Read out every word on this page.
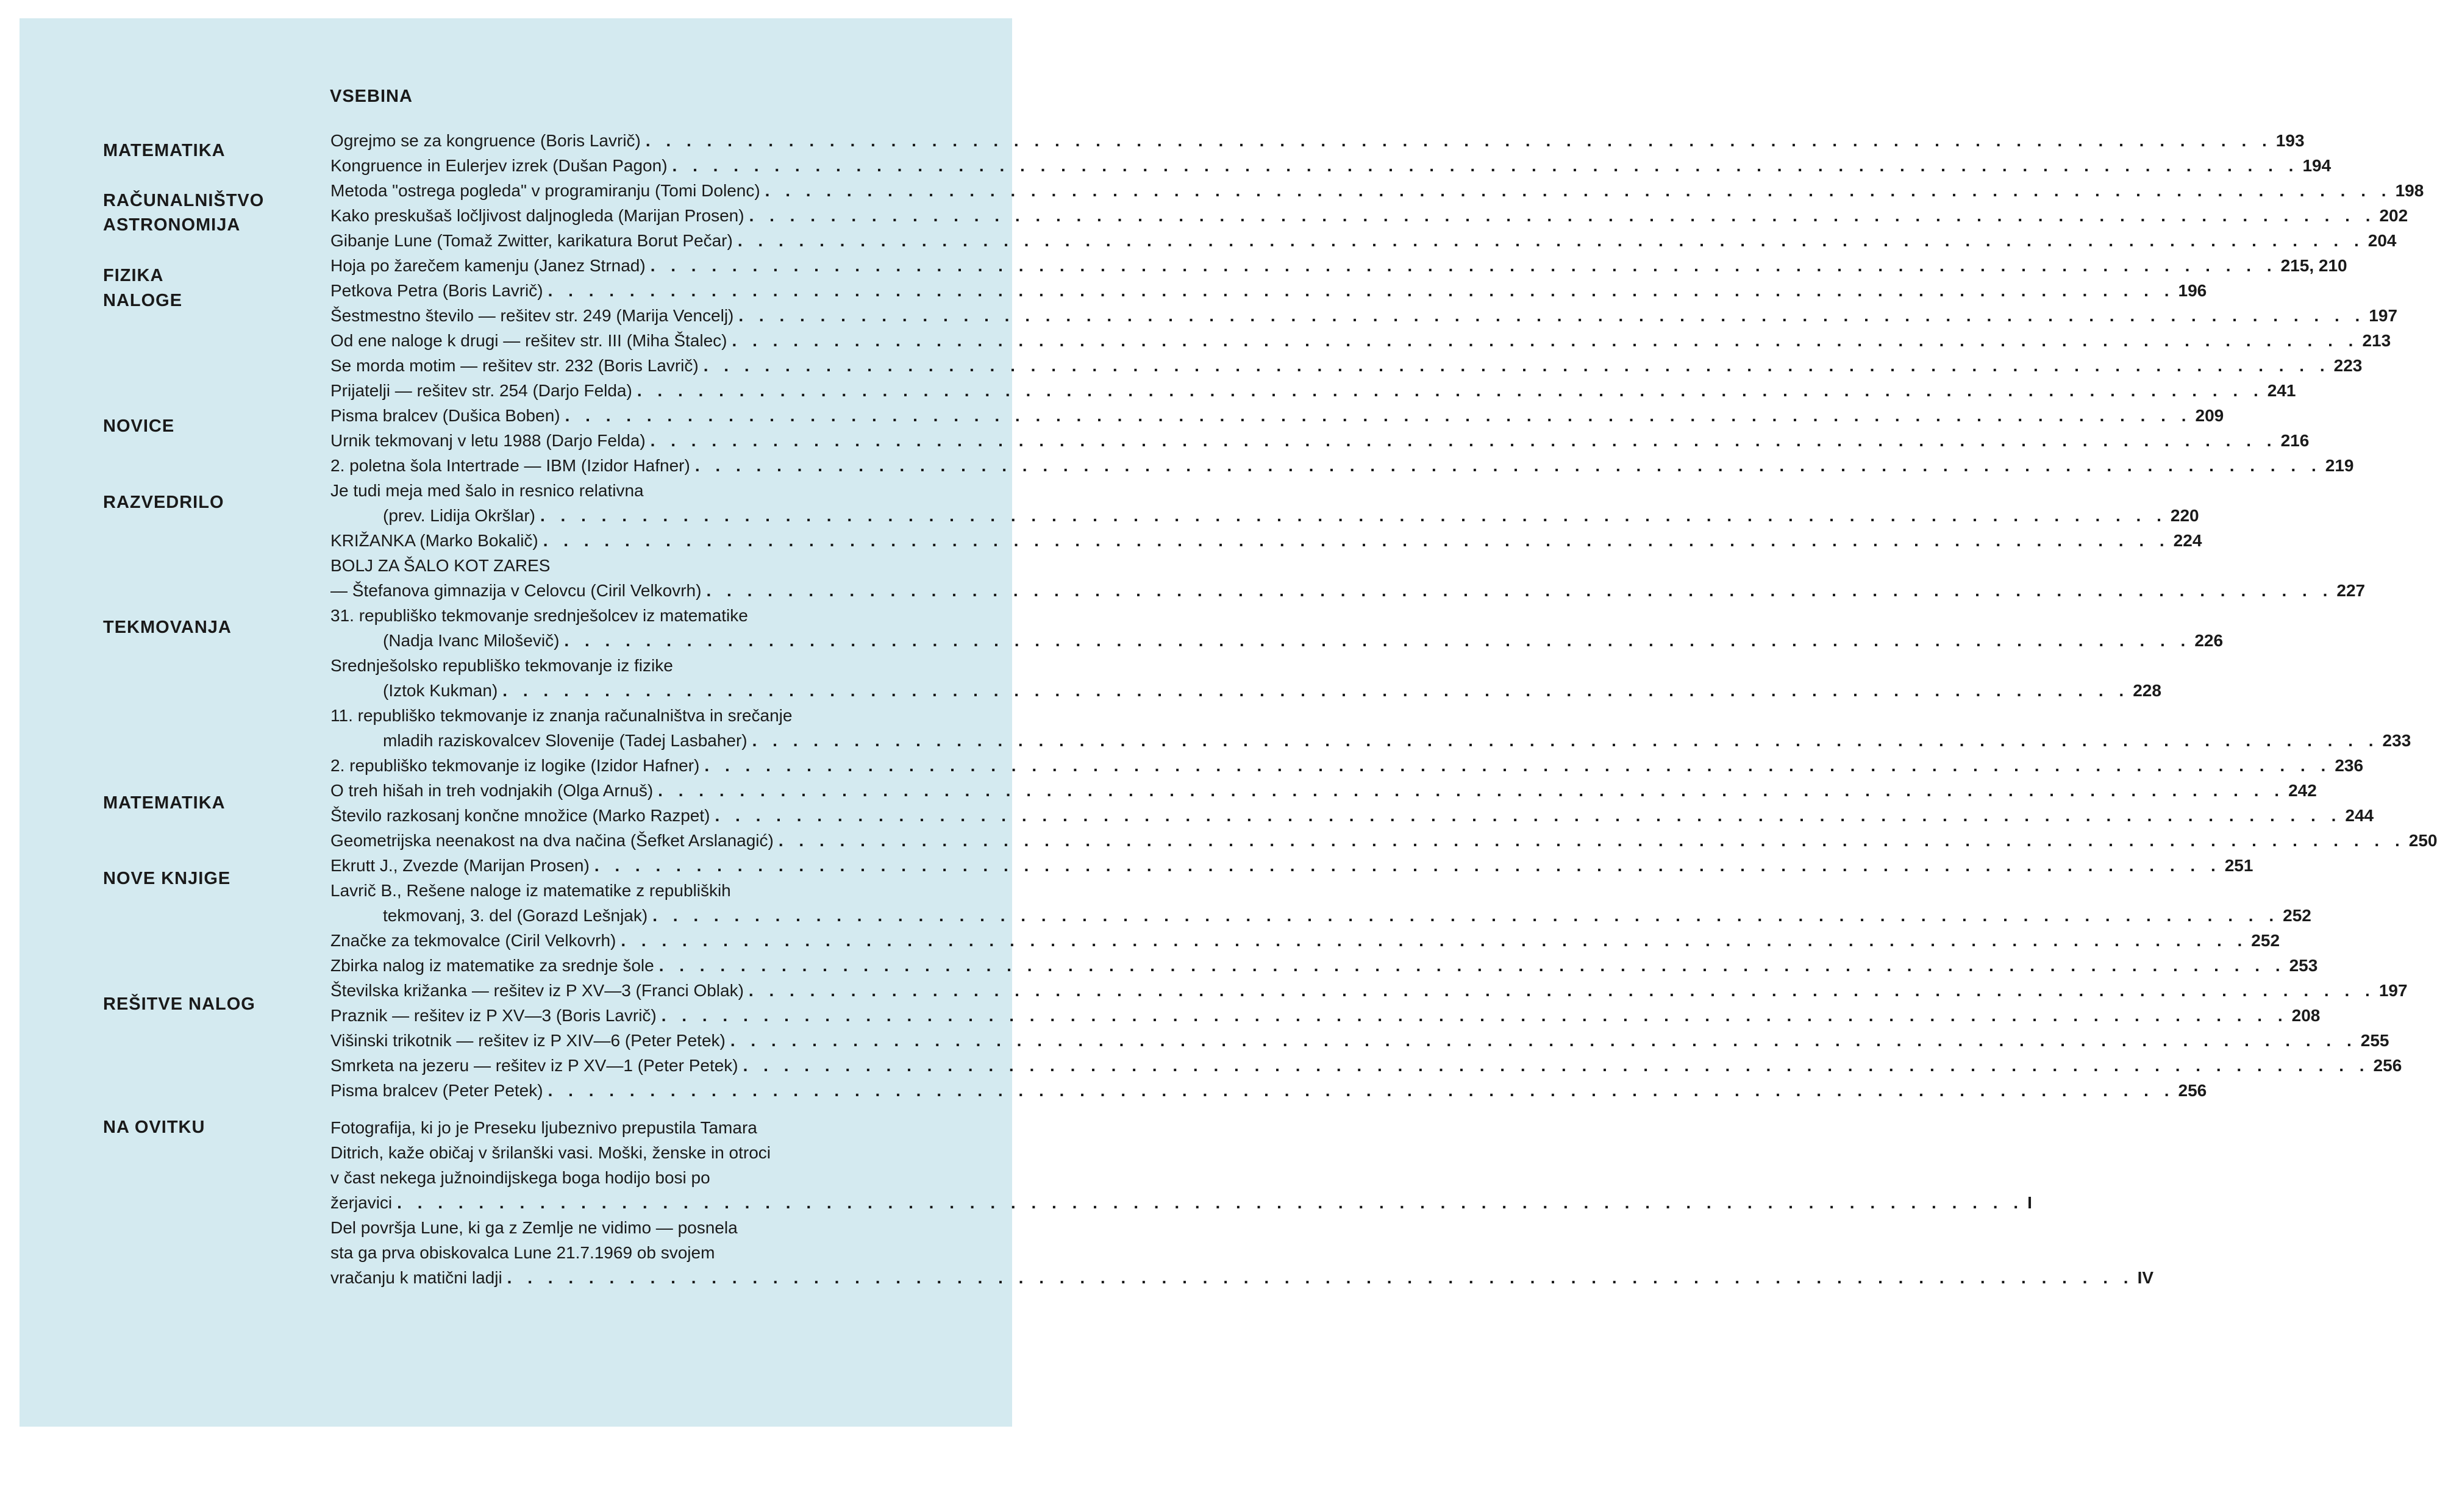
VSEBINA
MATEMATIKA
RAČUNALNIŠTVO
ASTRONOMIJA
FIZIKA
NALOGE
NOVICE
RAZVEDRILO
TEKMOVANJA
MATEMATIKA
NOVE KNJIGE
REŠITVE NALOG
NA OVITKU
Ogrejmo se za kongruence (Boris Lavrič) . . . . . . . . . . . . . . . . . . . . . . . . . . . . . . . . . . . . . . . . . . . . . . . . . . . . . . . . . . . . . . . . . . . . . . . . . . . . . . . . 193
Kongruence in Eulerjev izrek (Dušan Pagon) . . . . . . . . . . . . . . . . . . . . . . . . . . . . . . . . . . . . . . . . . . . . . . . . . . . . . . . . . . . . . . . . . . . . . . . . . . . . . . . . 194
Metoda "ostrega pogleda" v programiranju (Tomi Dolenc) . . . . . . . . . . . . . . . . . . . . . . . . . . . . . . . . . . . . . . . . . . . . . . . . . . . . . . . . . . . . . . . . . . . . . . . . . . . . . . . . 198
Kako preskušaš ločljivost daljnogleda (Marijan Prosen) . . . . . . . . . . . . . . . . . . . . . . . . . . . . . . . . . . . . . . . . . . . . . . . . . . . . . . . . . . . . . . . . . . . . . . . . . . . . . . . . 202
Gibanje Lune (Tomaž Zwitter, karikatura Borut Pečar) . . . . . . . . . . . . . . . . . . . . . . . . . . . . . . . . . . . . . . . . . . . . . . . . . . . . . . . . . . . . . . . . . . . . . . . . . . . . . . . . 204
Hoja po žarečem kamenju (Janez Strnad) . . . . . . . . . . . . . . . . . . . . . . . . . . . . . . . . . . . . . . . . . . . . . . . . . . . . . . . . . . . . . . . . . . . . . . . . . . . . . . . . 215, 210
Petkova Petra (Boris Lavrič) . . . . . . . . . . . . . . . . . . . . . . . . . . . . . . . . . . . . . . . . . . . . . . . . . . . . . . . . . . . . . . . . . . . . . . . . . . . . . . . . 196
Šestmestno število — rešitev str. 249 (Marija Vencelj) . . . . . . . . . . . . . . . . . . . . . . . . . . . . . . . . . . . . . . . . . . . . . . . . . . . . . . . . . . . . . . . . . . . . . . . . . . . . . . . . 197
Od ene naloge k drugi — rešitev str. III (Miha Štalec) . . . . . . . . . . . . . . . . . . . . . . . . . . . . . . . . . . . . . . . . . . . . . . . . . . . . . . . . . . . . . . . . . . . . . . . . . . . . . . . . 213
Se morda motim — rešitev str. 232 (Boris Lavrič) . . . . . . . . . . . . . . . . . . . . . . . . . . . . . . . . . . . . . . . . . . . . . . . . . . . . . . . . . . . . . . . . . . . . . . . . . . . . . . . . 223
Prijatelji — rešitev str. 254 (Darjo Felda) . . . . . . . . . . . . . . . . . . . . . . . . . . . . . . . . . . . . . . . . . . . . . . . . . . . . . . . . . . . . . . . . . . . . . . . . . . . . . . . . 241
Pisma bralcev (Dušica Boben) . . . . . . . . . . . . . . . . . . . . . . . . . . . . . . . . . . . . . . . . . . . . . . . . . . . . . . . . . . . . . . . . . . . . . . . . . . . . . . . . 209
Urnik tekmovanj v letu 1988 (Darjo Felda) . . . . . . . . . . . . . . . . . . . . . . . . . . . . . . . . . . . . . . . . . . . . . . . . . . . . . . . . . . . . . . . . . . . . . . . . . . . . . . . . 216
2. poletna šola Intertrade — IBM (Izidor Hafner) . . . . . . . . . . . . . . . . . . . . . . . . . . . . . . . . . . . . . . . . . . . . . . . . . . . . . . . . . . . . . . . . . . . . . . . . . . . . . . . . 219
Je tudi meja med šalo in resnico relativna
(prev. Lidija Okršlar) . . . . . . . . . . . . . . . . . . . . . . . . . . . . . . . . . . . . . . . . . . . . . . . . . . . . . . . . . . . . . . . . . . . . . . . . . . . . . . . . 220
KRIŽANKA (Marko Bokalič) . . . . . . . . . . . . . . . . . . . . . . . . . . . . . . . . . . . . . . . . . . . . . . . . . . . . . . . . . . . . . . . . . . . . . . . . . . . . . . . . 224
BOLJ ZA ŠALO KOT ZARES
— Štefanova gimnazija v Celovcu (Ciril Velkovrh) . . . . . . . . . . . . . . . . . . . . . . . . . . . . . . . . . . . . . . . . . . . . . . . . . . . . . . . . . . . . . . . . . . . . . . . . . . . . . . . . 227
31. republiško tekmovanje srednješolcev iz matematike
(Nadja Ivanc Miloševič) . . . . . . . . . . . . . . . . . . . . . . . . . . . . . . . . . . . . . . . . . . . . . . . . . . . . . . . . . . . . . . . . . . . . . . . . . . . . . . . . 226
Srednješolsko republiško tekmovanje iz fizike
(Iztok Kukman) . . . . . . . . . . . . . . . . . . . . . . . . . . . . . . . . . . . . . . . . . . . . . . . . . . . . . . . . . . . . . . . . . . . . . . . . . . . . . . . . 228
11. republiško tekmovanje iz znanja računalništva in srečanje
mladih raziskovalcev Slovenije (Tadej Lasbaher) . . . . . . . . . . . . . . . . . . . . . . . . . . . . . . . . . . . . . . . . . . . . . . . . . . . . . . . . . . . . . . . . . . . . . . . . . . . . . . . . 233
2. republiško tekmovanje iz logike (Izidor Hafner) . . . . . . . . . . . . . . . . . . . . . . . . . . . . . . . . . . . . . . . . . . . . . . . . . . . . . . . . . . . . . . . . . . . . . . . . . . . . . . . . 236
O treh hišah in treh vodnjakih (Olga Arnuš) . . . . . . . . . . . . . . . . . . . . . . . . . . . . . . . . . . . . . . . . . . . . . . . . . . . . . . . . . . . . . . . . . . . . . . . . . . . . . . . . 242
Število razkosanj končne množice (Marko Razpet) . . . . . . . . . . . . . . . . . . . . . . . . . . . . . . . . . . . . . . . . . . . . . . . . . . . . . . . . . . . . . . . . . . . . . . . . . . . . . . . . 244
Geometrijska neenakost na dva načina (Šefket Arslanagić) . . . . . . . . . . . . . . . . . . . . . . . . . . . . . . . . . . . . . . . . . . . . . . . . . . . . . . . . . . . . . . . . . . . . . . . . . . . . . . . . 250
Ekrutt J., Zvezde (Marijan Prosen) . . . . . . . . . . . . . . . . . . . . . . . . . . . . . . . . . . . . . . . . . . . . . . . . . . . . . . . . . . . . . . . . . . . . . . . . . . . . . . . . 251
Lavrič B., Rešene naloge iz matematike z republiških
tekmovanj, 3. del (Gorazd Lešnjak) . . . . . . . . . . . . . . . . . . . . . . . . . . . . . . . . . . . . . . . . . . . . . . . . . . . . . . . . . . . . . . . . . . . . . . . . . . . . . . . . 252
Značke za tekmovalce (Ciril Velkovrh) . . . . . . . . . . . . . . . . . . . . . . . . . . . . . . . . . . . . . . . . . . . . . . . . . . . . . . . . . . . . . . . . . . . . . . . . . . . . . . . . 252
Zbirka nalog iz matematike za srednje šole . . . . . . . . . . . . . . . . . . . . . . . . . . . . . . . . . . . . . . . . . . . . . . . . . . . . . . . . . . . . . . . . . . . . . . . . . . . . . . . . 253
Številska križanka — rešitev iz P XV—3 (Franci Oblak) . . . . . . . . . . . . . . . . . . . . . . . . . . . . . . . . . . . . . . . . . . . . . . . . . . . . . . . . . . . . . . . . . . . . . . . . . . . . . . . . 197
Praznik — rešitev iz P XV—3 (Boris Lavrič) . . . . . . . . . . . . . . . . . . . . . . . . . . . . . . . . . . . . . . . . . . . . . . . . . . . . . . . . . . . . . . . . . . . . . . . . . . . . . . . . 208
Višinski trikotnik — rešitev iz P XIV—6 (Peter Petek) . . . . . . . . . . . . . . . . . . . . . . . . . . . . . . . . . . . . . . . . . . . . . . . . . . . . . . . . . . . . . . . . . . . . . . . . . . . . . . . . 255
Smrketa na jezeru — rešitev iz P XV—1 (Peter Petek) . . . . . . . . . . . . . . . . . . . . . . . . . . . . . . . . . . . . . . . . . . . . . . . . . . . . . . . . . . . . . . . . . . . . . . . . . . . . . . . . 256
Pisma bralcev (Peter Petek) . . . . . . . . . . . . . . . . . . . . . . . . . . . . . . . . . . . . . . . . . . . . . . . . . . . . . . . . . . . . . . . . . . . . . . . . . . . . . . . . 256
Fotografija, ki jo je Preseku ljubeznivo prepustila Tamara
Ditrich, kaže običaj v šrilanški vasi. Moški, ženske in otroci
v čast nekega južnoindijskega boga hodijo bosi po
žerjavici . . . . . . . . . . . . . . . . . . . . . . . . . . . . . . . . . . . . . . . . . . . . . . . . . . . . . . . . . . . . . . . . . . . . . . . . . . . . . . . . I
Del površja Lune, ki ga z Zemlje ne vidimo — posnela
sta ga prva obiskovalca Lune 21.7.1969 ob svojem
vračanju k matični ladji . . . . . . . . . . . . . . . . . . . . . . . . . . . . . . . . . . . . . . . . . . . . . . . . . . . . . . . . . . . . . . . . . . . . . . . . . . . . . . . . IV
